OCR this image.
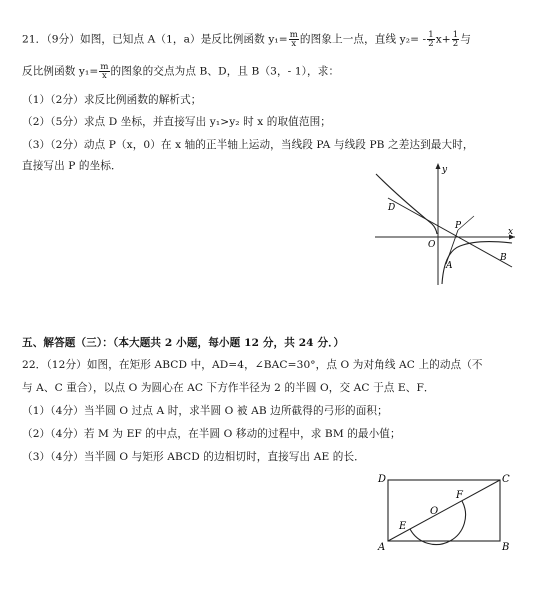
21．（9分）如图，已知点 A（1，a）是反比例函数 $y_1= \frac{m}{x}$ 的图象上一点，直线 $y_2= - \frac{1}{2} x+ \frac{1}{2}$ 与
反比例函数 $y_1= \frac{m}{x}$ 的图象的交点为点 B、D，且 B（3，- 1），求：
（1）（2分）求反比例函数的解析式；
（2）（5分）求点 D 坐标，并直接写出 y₁>y₂ 时 x 的取值范围；
（3）（2分）动点 P（x，0）在 x 轴的正半轴上运动，当线段 PA 与线段 PB 之差达到最大时，
直接写出 P 的坐标．	y
x
O
D
P
A
B
五、解答题（三）：（本大题共 2 小题，每小题 12 分，共 24 分．）
22．（12分）如图，在矩形 ABCD 中，AD=4，∠BAC=30°，点 O 为对角线 AC 上的动点（不
与 A、C 重合），以点 O 为圆心在 AC 下方作半径为 2 的半圆 O，交 AC 于点 E、F．
（1）（4分）当半圆 O 过点 A 时，求半圆 O 被 AB 边所截得的弓形的面积；
（2）（4分）若 M 为 EF 的中点，在半圆 O 移动的过程中，求 BM 的最小值；
（3）（4分）当半圆 O 与矩形 ABCD 的边相切时，直接写出 AE 的长．
D	C
O
F
E
A	B
